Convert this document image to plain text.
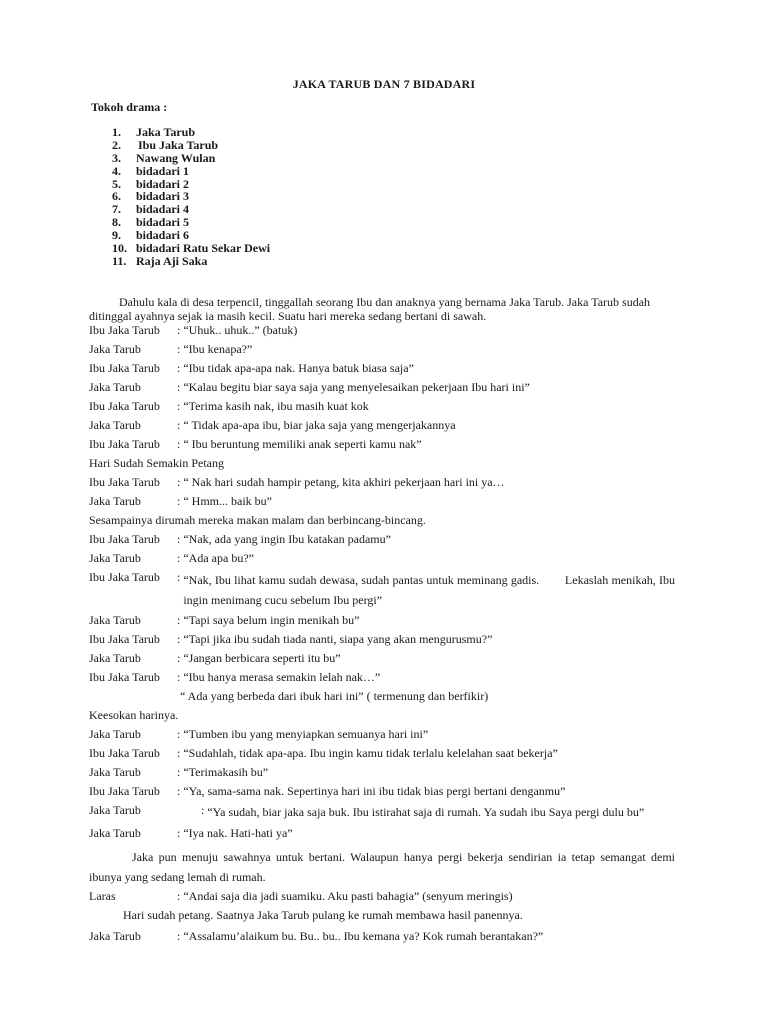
JAKA TARUB DAN 7 BIDADARI
Tokoh drama :
1. Jaka Tarub
2. Ibu Jaka Tarub
3. Nawang Wulan
4. bidadari 1
5. bidadari 2
6. bidadari 3
7. bidadari 4
8. bidadari 5
9. bidadari 6
10. bidadari Ratu Sekar Dewi
11. Raja Aji Saka

Dahulu kala di desa terpencil, tinggallah seorang Ibu dan anaknya yang bernama Jaka Tarub. Jaka Tarub sudah ditinggal ayahnya sejak ia masih kecil. Suatu hari mereka sedang bertani di sawah.

Ibu Jaka Tarub	: “Uhuk.. uhuk..” (batuk)

Jaka Tarub	: “Ibu kenapa?”

Ibu Jaka Tarub	: “Ibu tidak apa-apa nak. Hanya batuk biasa saja”

Jaka Tarub	: “Kalau begitu biar saya saja yang menyelesaikan pekerjaan Ibu hari ini”

Ibu Jaka Tarub	: “Terima kasih nak, ibu masih kuat kok

Jaka Tarub	: “ Tidak apa-apa ibu, biar jaka saja yang mengerjakannya

Ibu Jaka Tarub	: “ Ibu beruntung memiliki anak seperti kamu nak”

Hari Sudah Semakin Petang

Ibu Jaka Tarub	: “ Nak hari sudah hampir petang, kita akhiri pekerjaan hari ini ya…

Jaka Tarub	: “ Hmm... baik bu”

Sesampainya dirumah mereka makan malam dan berbincang-bincang.

Ibu Jaka Tarub	: “Nak, ada yang ingin Ibu katakan padamu”

Jaka Tarub	: “Ada apa bu?”

Ibu Jaka Tarub	: “Nak, Ibu lihat kamu sudah dewasa, sudah pantas untuk meminang gadis.        Lekaslah menikah, Ibu ingin menimang cucu sebelum Ibu pergi”

Jaka Tarub	: “Tapi saya belum ingin menikah bu”

Ibu Jaka Tarub	: “Tapi jika ibu sudah tiada nanti, siapa yang akan mengurusmu?”

Jaka Tarub	: “Jangan berbicara seperti itu bu”

Ibu Jaka Tarub	: “Ibu hanya merasa semakin lelah nak…”

“ Ada yang berbeda dari ibuk hari ini” ( termenung dan berfikir)

Keesokan harinya.

Jaka Tarub	: “Tumben ibu yang menyiapkan semuanya hari ini”

Ibu Jaka Tarub	: “Sudahlah, tidak apa-apa. Ibu ingin kamu tidak terlalu kelelahan saat bekerja”

Jaka Tarub	: “Terimakasih bu”

Ibu Jaka Tarub	: “Ya, sama-sama nak. Sepertinya hari ini ibu tidak bias pergi bertani denganmu”

Jaka Tarub	: “Ya sudah, biar jaka saja buk. Ibu istirahat saja di rumah. Ya sudah ibu Saya pergi dulu bu”

Jaka Tarub	: “Iya nak. Hati-hati ya”

Jaka pun menuju sawahnya untuk bertani. Walaupun hanya pergi bekerja sendirian ia tetap semangat demi ibunya yang sedang lemah di rumah.

Laras	: “Andai saja dia jadi suamiku. Aku pasti bahagia” (senyum meringis)

Hari sudah petang. Saatnya Jaka Tarub pulang ke rumah membawa hasil panennya.

Jaka Tarub	: “Assalamu’alaikum bu. Bu.. bu.. Ibu kemana ya? Kok rumah berantakan?”
